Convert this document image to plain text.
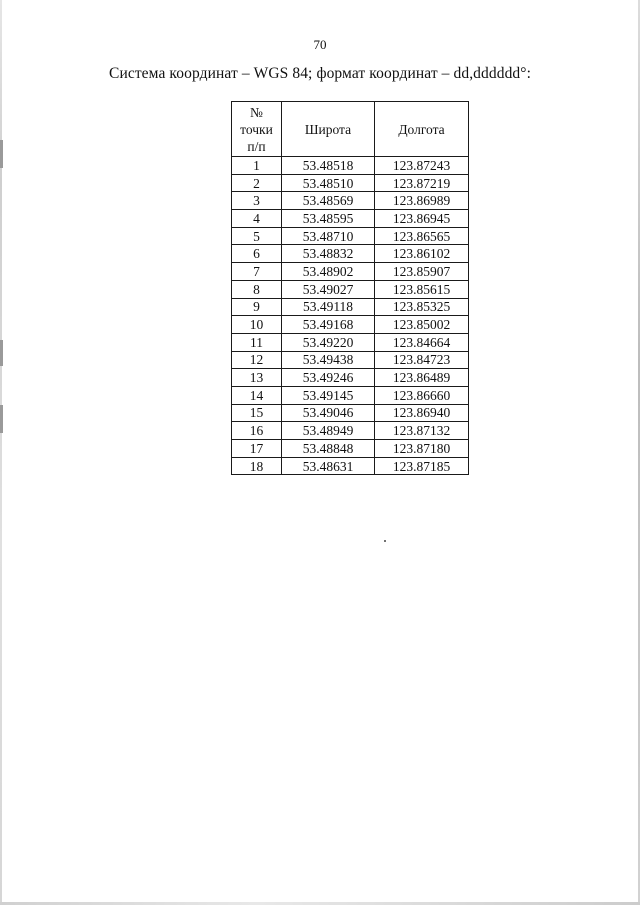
70
Система координат – WGS 84; формат координат – dd,dddddd°:
№
точки
п/п	Широта	Долгота
1	53.48518	123.87243
2	53.48510	123.87219
3	53.48569	123.86989
4	53.48595	123.86945
5	53.48710	123.86565
6	53.48832	123.86102
7	53.48902	123.85907
8	53.49027	123.85615
9	53.49118	123.85325
10	53.49168	123.85002
11	53.49220	123.84664
12	53.49438	123.84723
13	53.49246	123.86489
14	53.49145	123.86660
15	53.49046	123.86940
16	53.48949	123.87132
17	53.48848	123.87180
18	53.48631	123.87185
